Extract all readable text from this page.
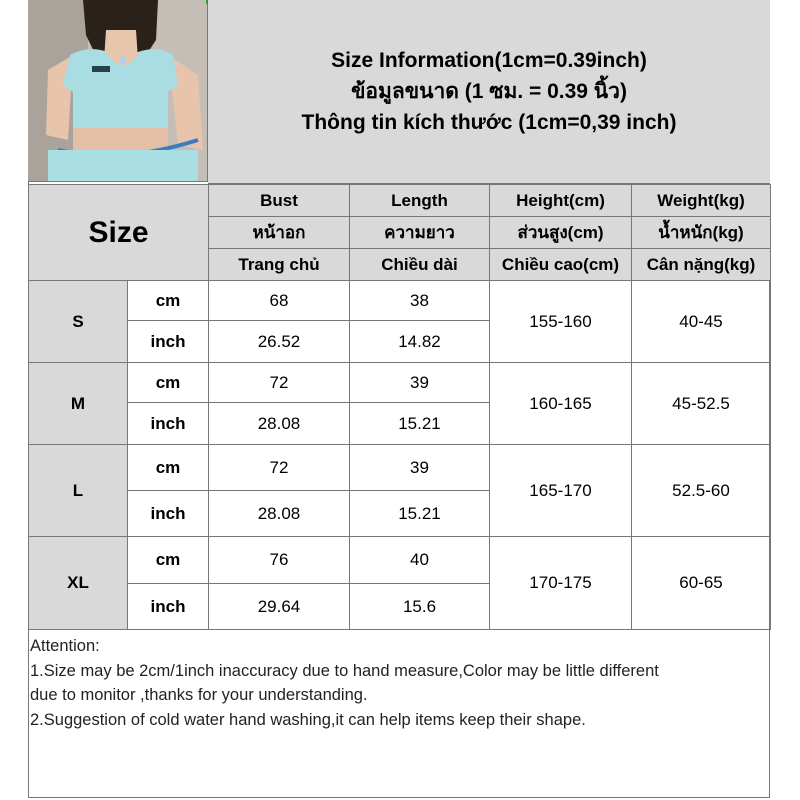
Size Information(1cm=0.39inch)
ข้อมูลขนาด (1 ซม. = 0.39 นิ้ว)
Thông tin kích thước (1cm=0,39 inch)
Size		Bust	Length	Height(cm)	Weight(kg)
		หน้าอก	ความยาว	ส่วนสูง(cm)	น้ำหนัก(kg)
		Trang chủ	Chiều dài	Chiều cao(cm)	Cân nặng(kg)
S	cm	68	38	155-160	40-45
	inch	26.52	14.82		
M	cm	72	39	160-165	45-52.5
	inch	28.08	15.21		
L	cm	72	39	165-170	52.5-60
	inch	28.08	15.21		
XL	cm	76	40	170-175	60-65
	inch	29.64	15.6		
Attention:
1.Size may be 2cm/1inch inaccuracy due to hand measure,Color may be little different
due to monitor ,thanks for your understanding.
2.Suggestion of cold water hand washing,it can help items keep their shape.
